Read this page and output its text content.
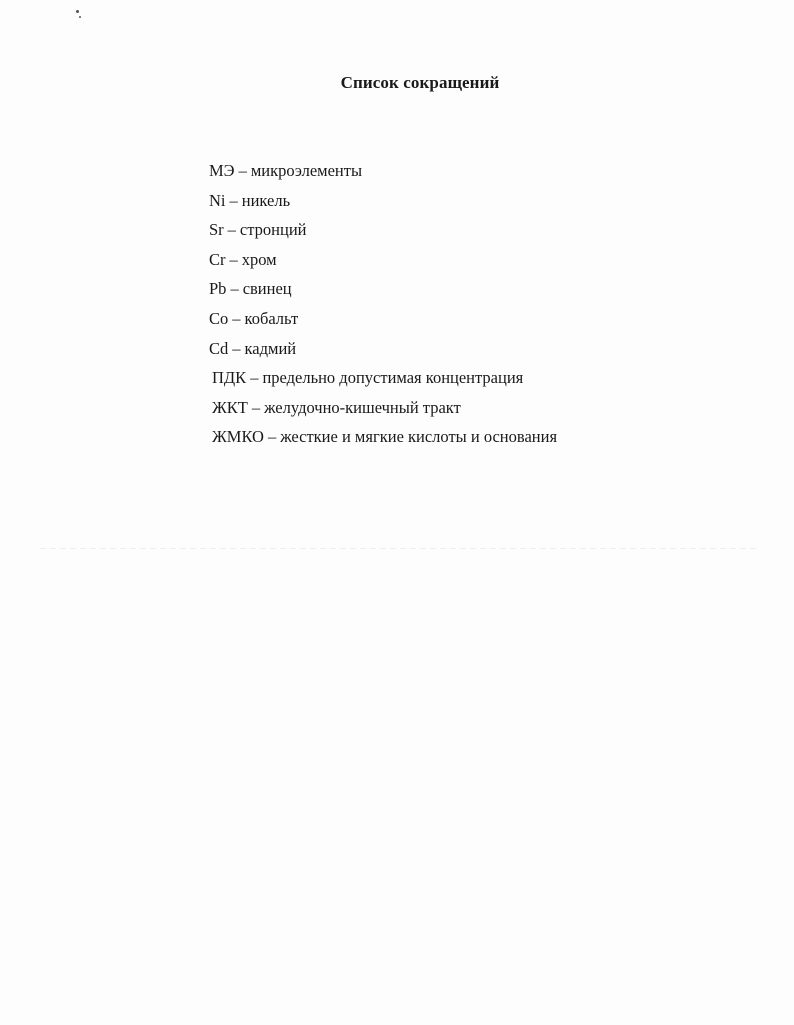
Список сокращений
МЭ – микроэлементы
Ni – никель
Sr – стронций
Cr – хром
Pb – свинец
Co – кобальт
Cd – кадмий
ПДК – предельно допустимая концентрация
ЖКТ – желудочно-кишечный тракт
ЖМКО – жесткие и мягкие кислоты и основания
